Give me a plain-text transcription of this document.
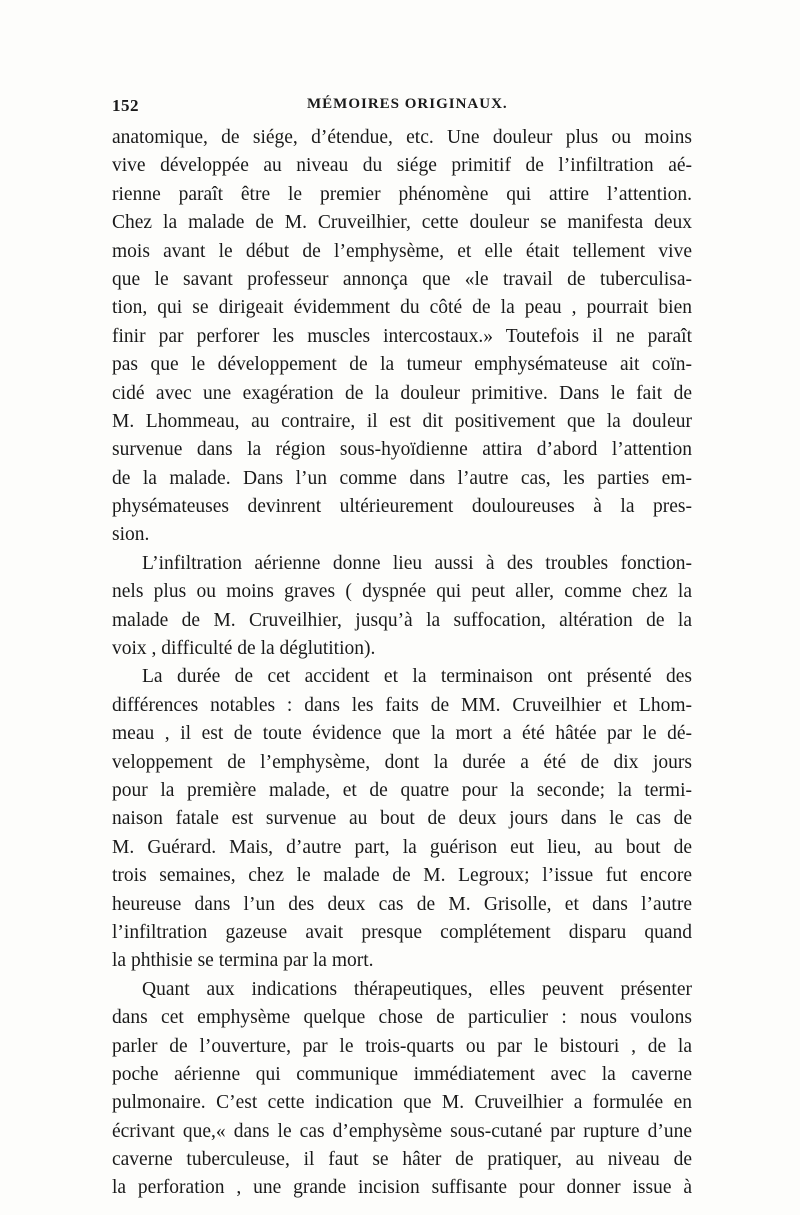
152	MÉMOIRES ORIGINAUX.
anatomique, de siége, d’étendue, etc. Une douleur plus ou moins
vive développée au niveau du siége primitif de l’infiltration aé-
rienne paraît être le premier phénomène qui attire l’attention.
Chez la malade de M. Cruveilhier, cette douleur se manifesta deux
mois avant le début de l’emphysème, et elle était tellement vive
que le savant professeur annonça que «le travail de tuberculisa-
tion, qui se dirigeait évidemment du côté de la peau , pourrait bien
finir par perforer les muscles intercostaux.» Toutefois il ne paraît
pas que le développement de la tumeur emphysémateuse ait coïn-
cidé avec une exagération de la douleur primitive. Dans le fait de
M. Lhommeau, au contraire, il est dit positivement que la douleur
survenue dans la région sous-hyoïdienne attira d’abord l’attention
de la malade. Dans l’un comme dans l’autre cas, les parties em-
physémateuses devinrent ultérieurement douloureuses à la pres-
sion.
L’infiltration aérienne donne lieu aussi à des troubles fonction-
nels plus ou moins graves ( dyspnée qui peut aller, comme chez la
malade de M. Cruveilhier, jusqu’à la suffocation, altération de la
voix , difficulté de la déglutition).
La durée de cet accident et la terminaison ont présenté des
différences notables : dans les faits de MM. Cruveilhier et Lhom-
meau , il est de toute évidence que la mort a été hâtée par le dé-
veloppement de l’emphysème, dont la durée a été de dix jours
pour la première malade, et de quatre pour la seconde; la termi-
naison fatale est survenue au bout de deux jours dans le cas de
M. Guérard. Mais, d’autre part, la guérison eut lieu, au bout de
trois semaines, chez le malade de M. Legroux; l’issue fut encore
heureuse dans l’un des deux cas de M. Grisolle, et dans l’autre
l’infiltration gazeuse avait presque complétement disparu quand
la phthisie se termina par la mort.
Quant aux indications thérapeutiques, elles peuvent présenter
dans cet emphysème quelque chose de particulier : nous voulons
parler de l’ouverture, par le trois-quarts ou par le bistouri , de la
poche aérienne qui communique immédiatement avec la caverne
pulmonaire. C’est cette indication que M. Cruveilhier a formulée en
écrivant que,« dans le cas d’emphysème sous-cutané par rupture d’une
caverne tuberculeuse, il faut se hâter de pratiquer, au niveau de
la perforation , une grande incision suffisante pour donner issue à
